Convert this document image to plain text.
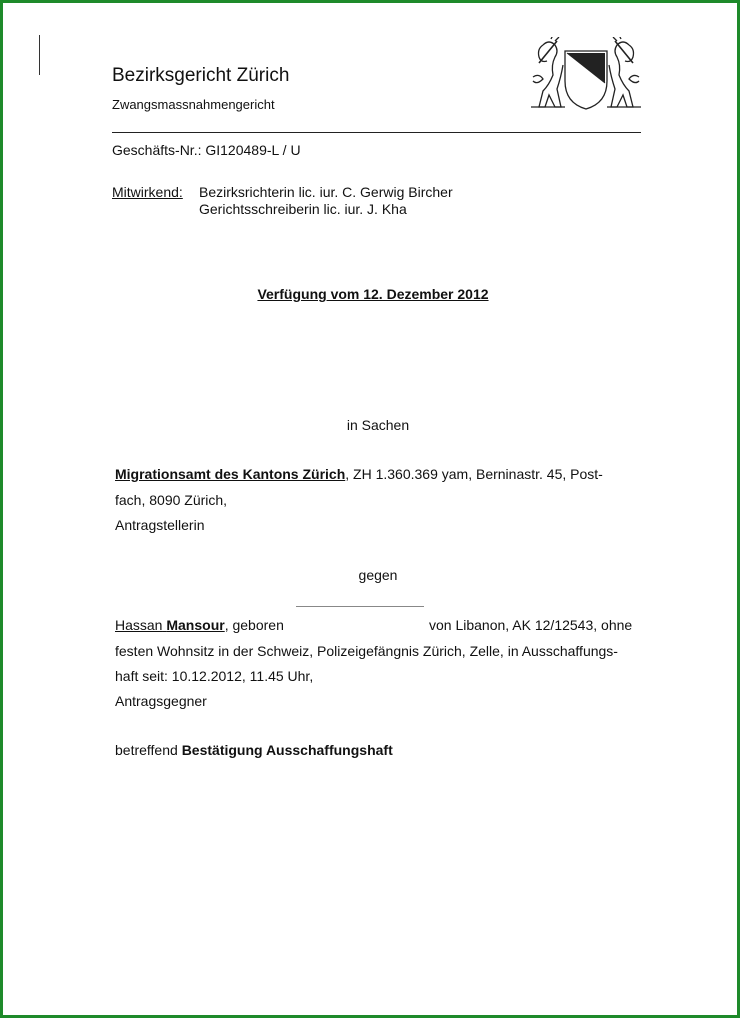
Bezirksgericht Zürich
Zwangsmassnahmengericht
Geschäfts-Nr.: GI120489-L / U
Mitwirkend: Bezirksrichterin lic. iur. C. Gerwig Bircher
Gerichtsschreiberin lic. iur. J. Kha
Verfügung vom 12. Dezember 2012
in Sachen
Migrationsamt des Kantons Zürich, ZH 1.360.369 yam, Berninastr. 45, Post-
fach, 8090 Zürich,
Antragstellerin
gegen
Hassan Mansour, geboren	von Libanon, AK 12/12543, ohne
festen Wohnsitz in der Schweiz, Polizeigefängnis Zürich, Zelle, in Ausschaffungs-
haft seit: 10.12.2012, 11.45 Uhr,
Antragsgegner
betreffend Bestätigung Ausschaffungshaft
